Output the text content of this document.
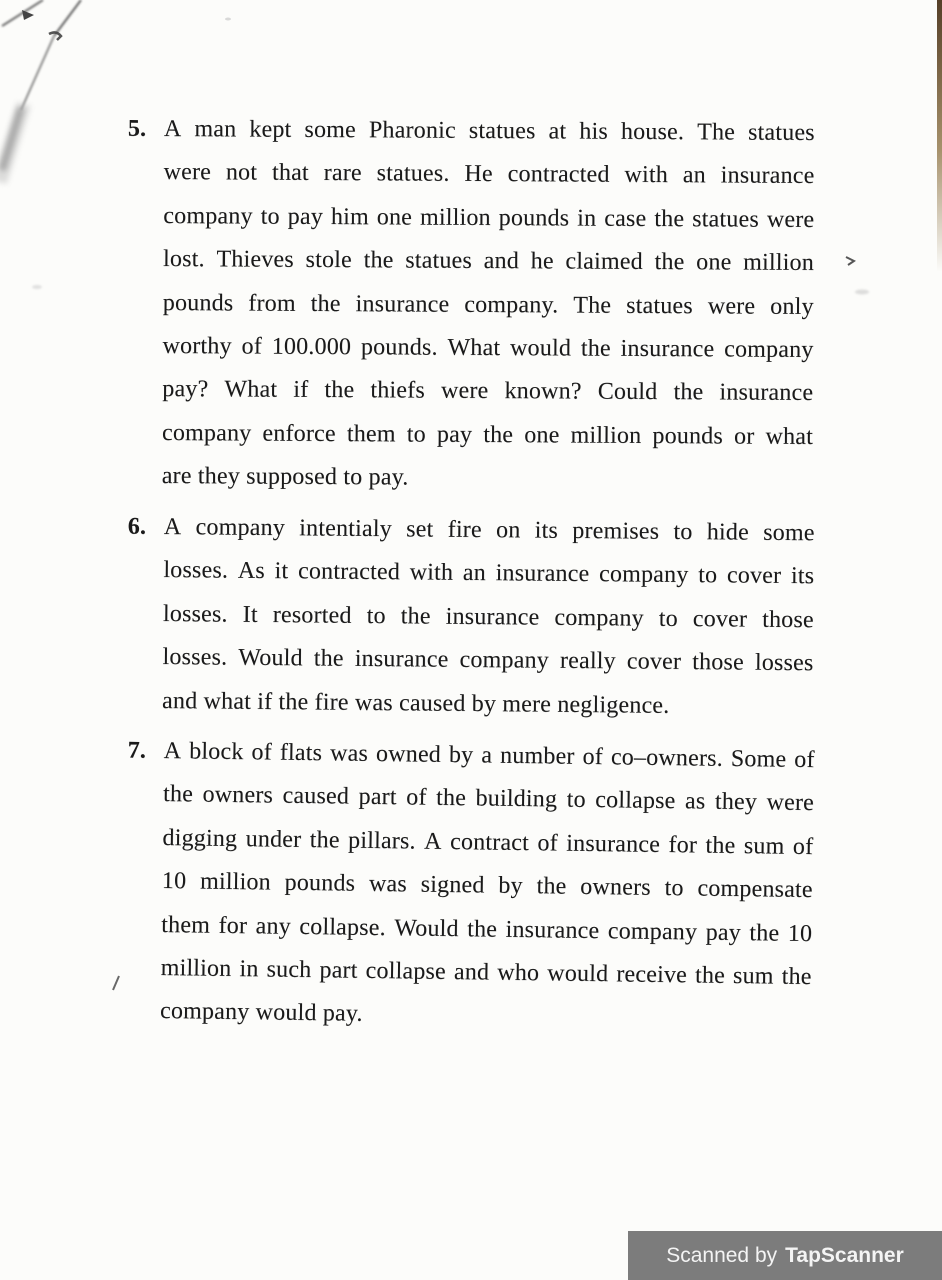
5. A man kept some Pharonic statues at his house. The statues
were not that rare statues. He contracted with an insurance
company to pay him one million pounds in case the statues were
lost. Thieves stole the statues and he claimed the one million
pounds from the insurance company. The statues were only
worthy of 100.000 pounds. What would the insurance company
pay? What if the thiefs were known? Could the insurance
company enforce them to pay the one million pounds or what
are they supposed to pay.
6. A company intentialy set fire on its premises to hide some
losses. As it contracted with an insurance company to cover its
losses. It resorted to the insurance company to cover those
losses. Would the insurance company really cover those losses
and what if the fire was caused by mere negligence.
7. A block of flats was owned by a number of co–owners. Some of
the owners caused part of the building to collapse as they were
digging under the pillars. A contract of insurance for the sum of
10 million pounds was signed by the owners to compensate
them for any collapse. Would the insurance company pay the 10
million in such part collapse and who would receive the sum the
company would pay.
Scanned by TapScanner
